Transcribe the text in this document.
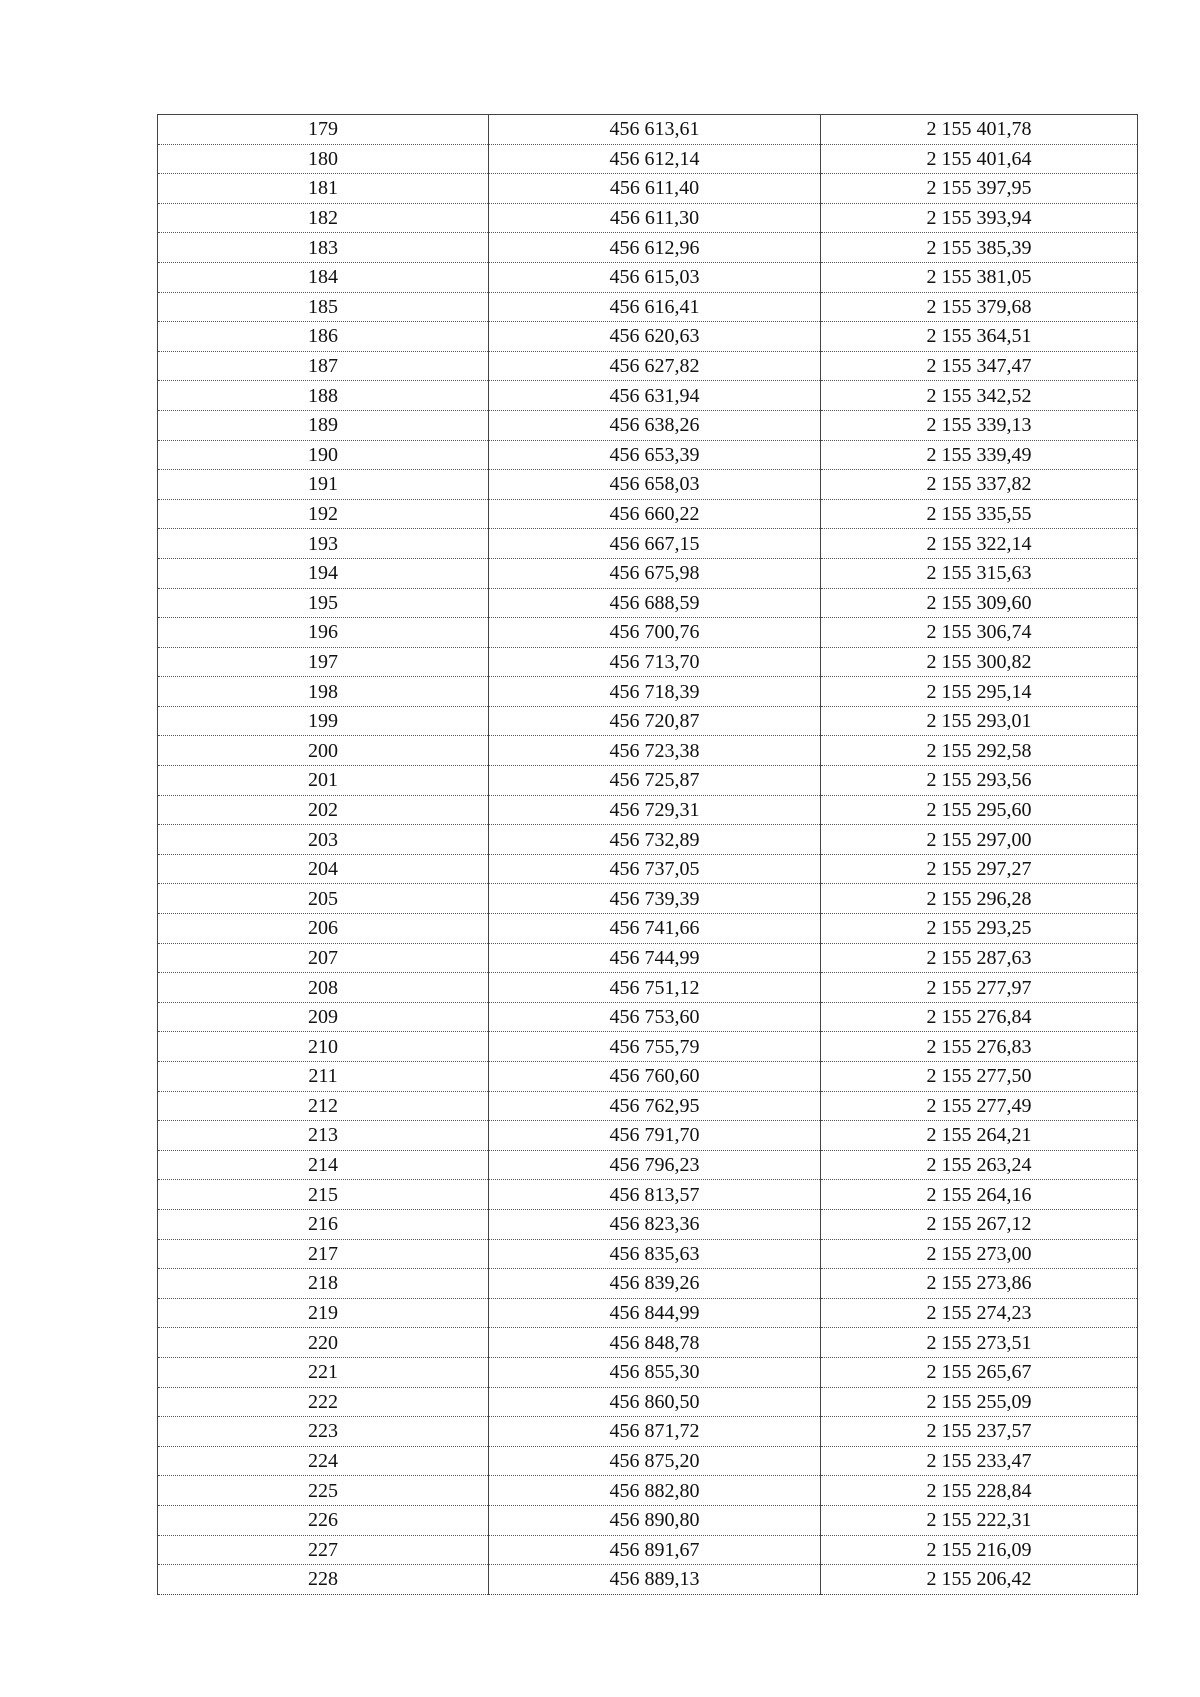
179	456 613,61	2 155 401,78
180	456 612,14	2 155 401,64
181	456 611,40	2 155 397,95
182	456 611,30	2 155 393,94
183	456 612,96	2 155 385,39
184	456 615,03	2 155 381,05
185	456 616,41	2 155 379,68
186	456 620,63	2 155 364,51
187	456 627,82	2 155 347,47
188	456 631,94	2 155 342,52
189	456 638,26	2 155 339,13
190	456 653,39	2 155 339,49
191	456 658,03	2 155 337,82
192	456 660,22	2 155 335,55
193	456 667,15	2 155 322,14
194	456 675,98	2 155 315,63
195	456 688,59	2 155 309,60
196	456 700,76	2 155 306,74
197	456 713,70	2 155 300,82
198	456 718,39	2 155 295,14
199	456 720,87	2 155 293,01
200	456 723,38	2 155 292,58
201	456 725,87	2 155 293,56
202	456 729,31	2 155 295,60
203	456 732,89	2 155 297,00
204	456 737,05	2 155 297,27
205	456 739,39	2 155 296,28
206	456 741,66	2 155 293,25
207	456 744,99	2 155 287,63
208	456 751,12	2 155 277,97
209	456 753,60	2 155 276,84
210	456 755,79	2 155 276,83
211	456 760,60	2 155 277,50
212	456 762,95	2 155 277,49
213	456 791,70	2 155 264,21
214	456 796,23	2 155 263,24
215	456 813,57	2 155 264,16
216	456 823,36	2 155 267,12
217	456 835,63	2 155 273,00
218	456 839,26	2 155 273,86
219	456 844,99	2 155 274,23
220	456 848,78	2 155 273,51
221	456 855,30	2 155 265,67
222	456 860,50	2 155 255,09
223	456 871,72	2 155 237,57
224	456 875,20	2 155 233,47
225	456 882,80	2 155 228,84
226	456 890,80	2 155 222,31
227	456 891,67	2 155 216,09
228	456 889,13	2 155 206,42
